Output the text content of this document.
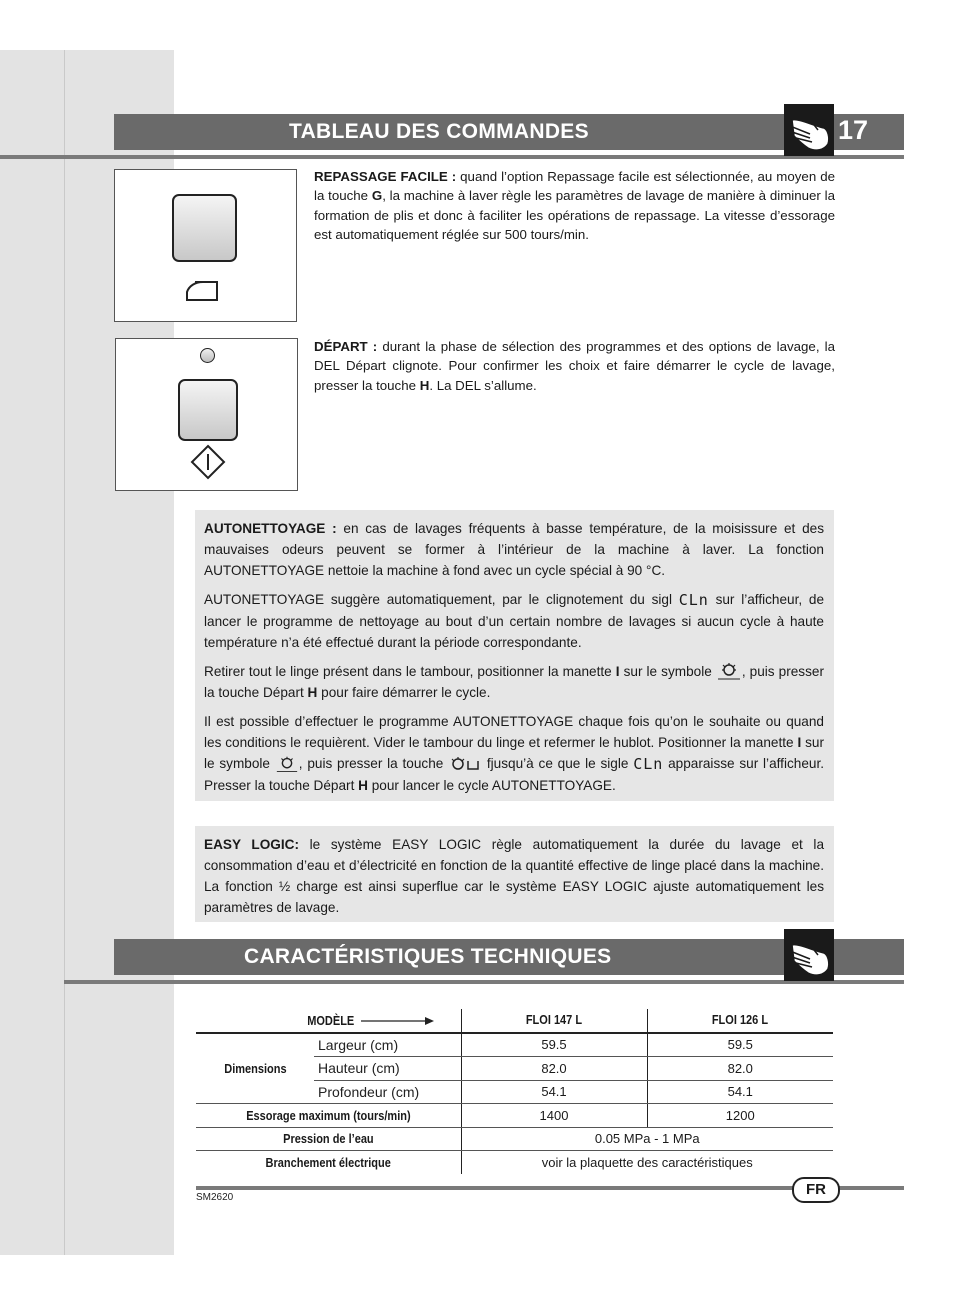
TABLEAU DES COMMANDES	17
REPASSAGE FACILE : quand l’option Repassage facile est sélectionnée, au moyen de la touche G, la machine à laver règle les paramètres de lavage de manière à diminuer la formation de plis et donc à faciliter les opérations de repassage. La vitesse d’essorage est automatiquement réglée sur 500 tours/min.
DÉPART : durant la phase de sélection des programmes et des options de lavage, la DEL Départ clignote. Pour confirmer les choix et faire démarrer le cycle de lavage, presser la touche H. La DEL s’allume.

AUTONETTOYAGE : en cas de lavages fréquents à basse température, de la moisissure et des mauvaises odeurs peuvent se former à l’intérieur de la machine à laver. La fonction AUTONETTOYAGE nettoie la machine à fond avec un cycle spécial à 90 °C.

AUTONETTOYAGE suggère automatiquement, par le clignotement du sigl CLn sur l’afficheur, de lancer le programme de nettoyage au bout d’un certain nombre de lavages si aucun cycle à haute température n’a été effectué durant la période correspondante.

Retirer tout le linge présent dans le tambour, positionner la manette I sur le symbole , puis presser la touche Départ H pour faire démarrer le cycle.

Il est possible d’effectuer le programme AUTONETTOYAGE chaque fois qu’on le souhaite ou quand les conditions le requièrent. Vider le tambour du linge et refermer le hublot. Positionner la manette I sur le symbole , puis presser la touche	fjusqu’à ce que le sigle CLn apparaisse sur l’afficheur. Presser la touche Départ H pour lancer le cycle AUTONETTOYAGE.

EASY LOGIC: le système EASY LOGIC règle automatiquement la durée du lavage et la consommation d’eau et d’électricité en fonction de la quantité effective de linge placé dans la machine. La fonction ½ charge est ainsi superflue car le système EASY LOGIC ajuste automatiquement les paramètres de lavage.

CARACTÉRISTIQUES TECHNIQUES
MODÈLE		FLOI 147 L	FLOI 126 L
Dimensions	Largeur (cm)	59.5	59.5
	Hauteur (cm)	82.0	82.0
	Profondeur (cm)	54.1	54.1
Essorage maximum (tours/min)		1400	1200
Pression de l’eau		0.05 MPa - 1 MPa	
Branchement électrique		voir la plaquette des caractéristiques	
FR
SM2620
